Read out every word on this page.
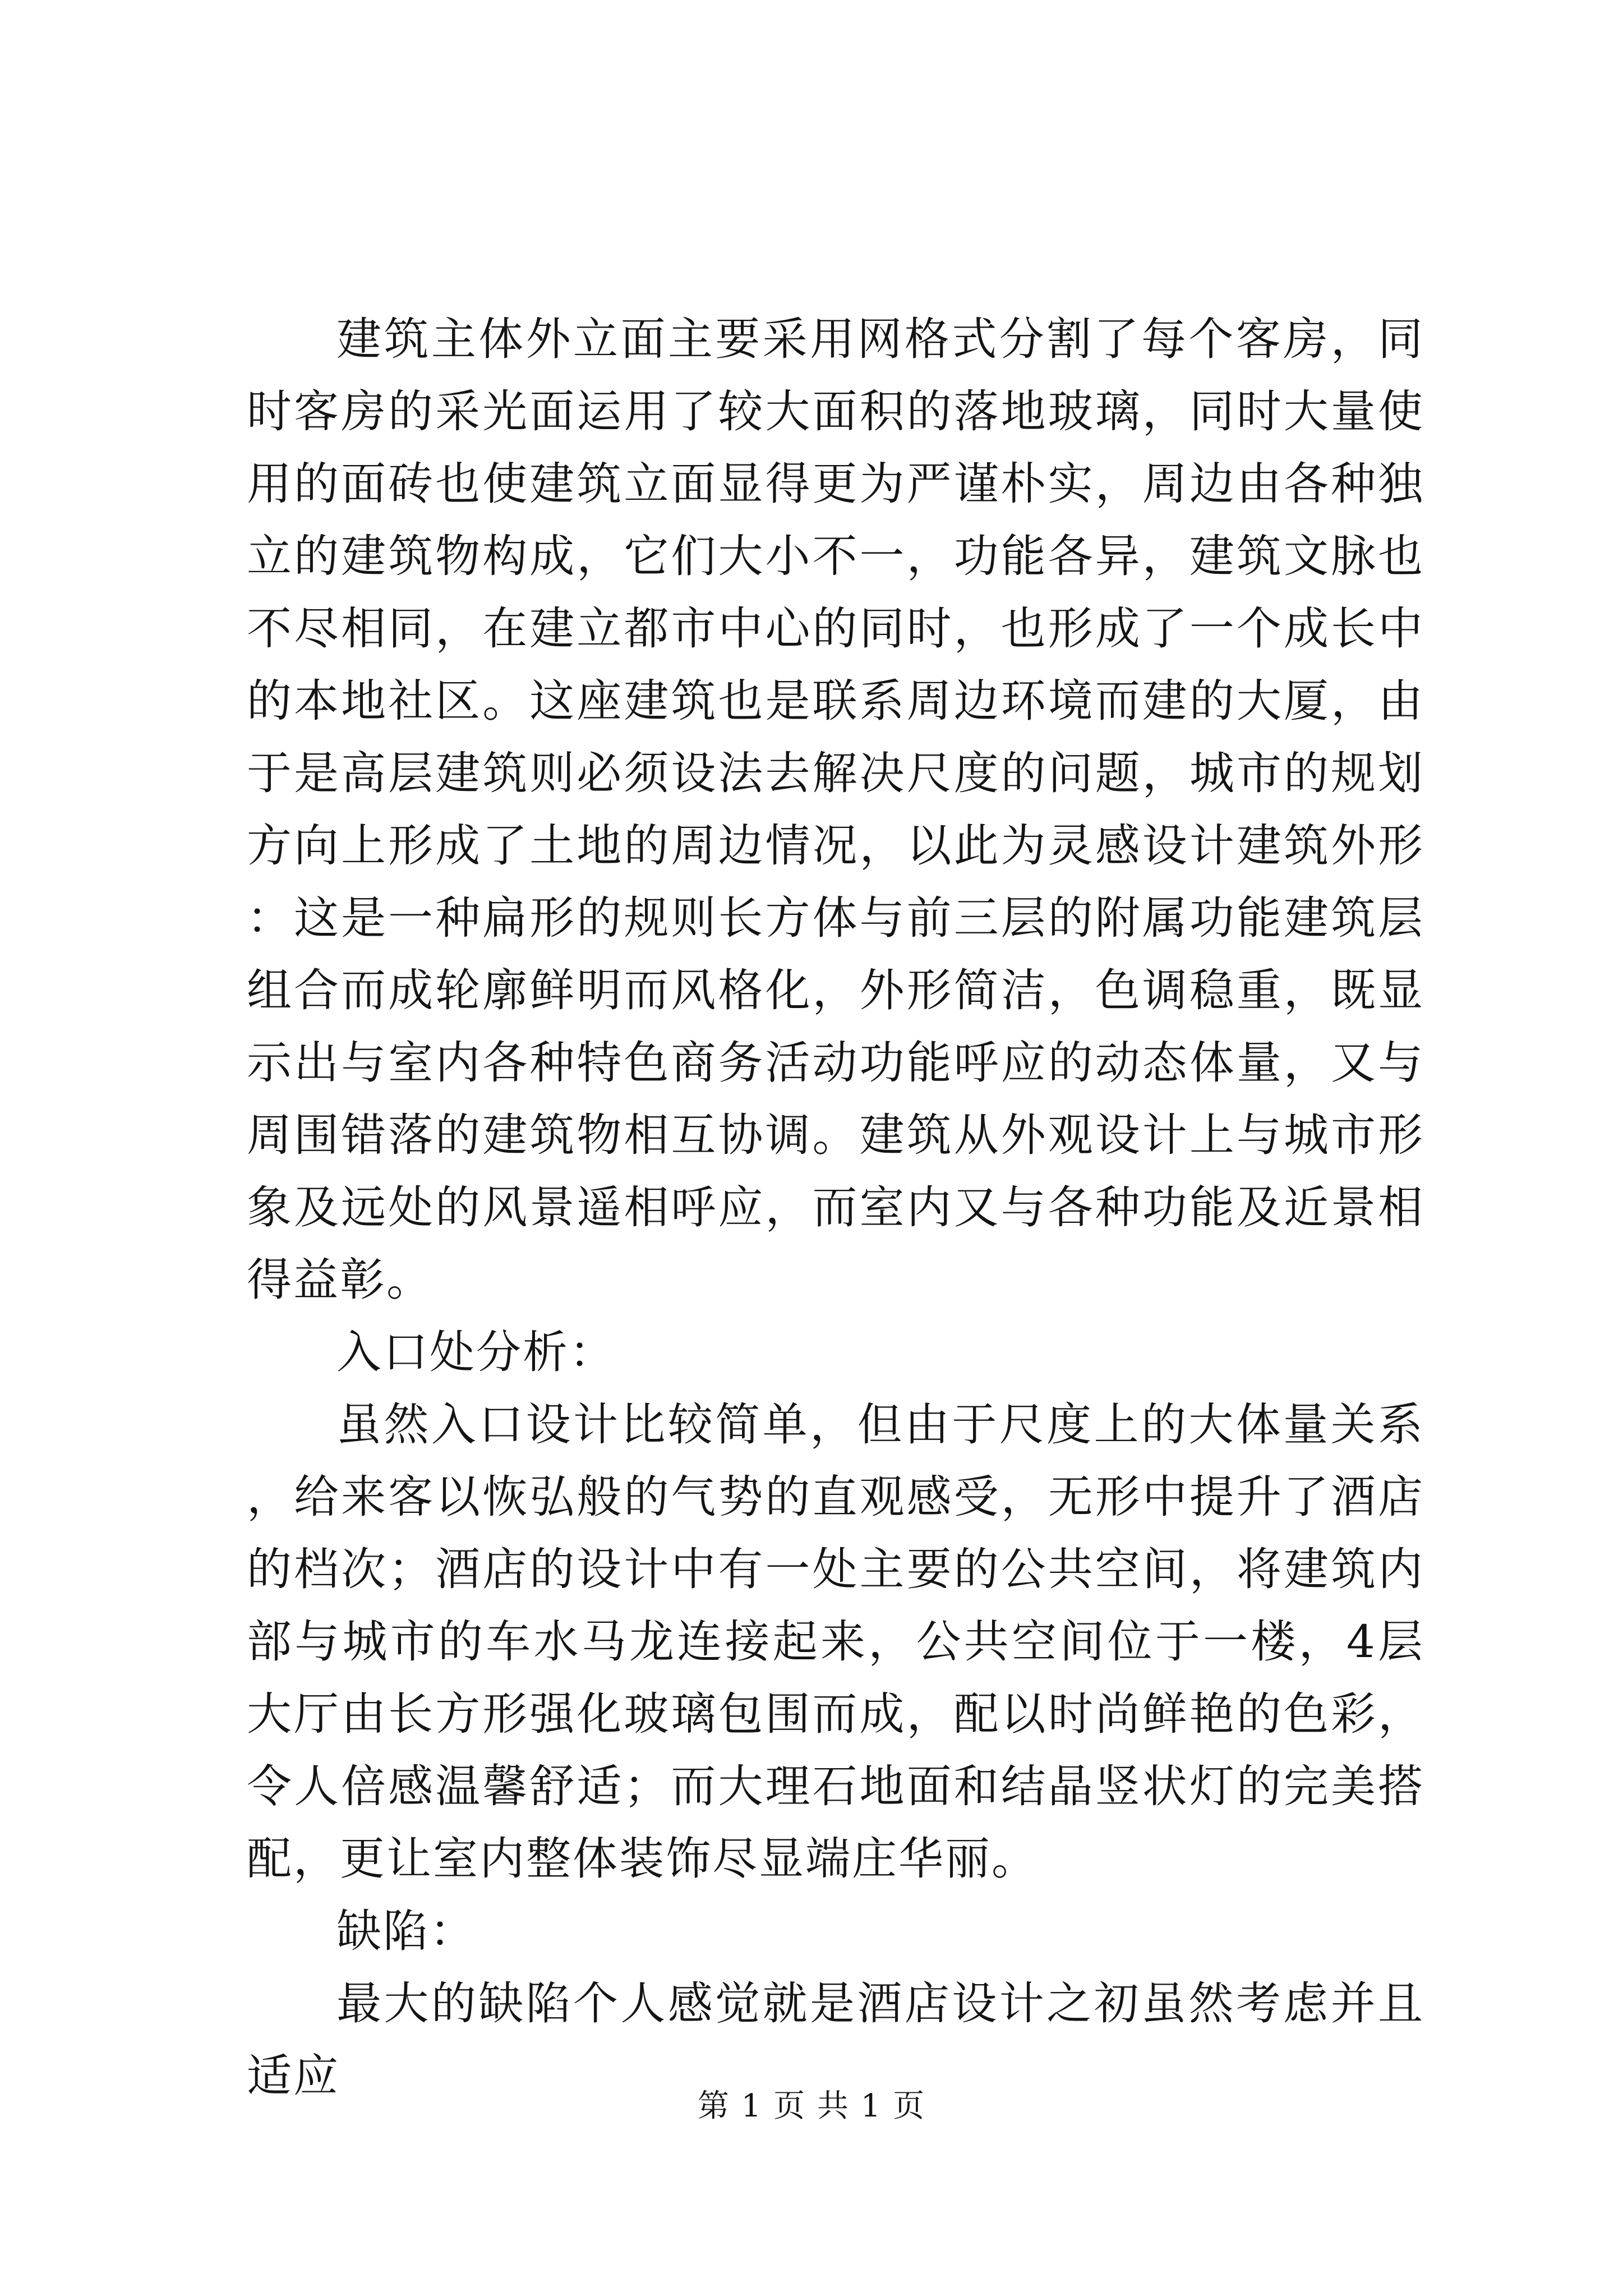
建筑主体外立面主要采用网格式分割了每个客房，同时客房的采光面运用了较大面积的落地玻璃，同时大量使用的面砖也使建筑立面显得更为严谨朴实，周边由各种独立的建筑物构成，它们大小不一，功能各异，建筑文脉也不尽相同，在建立都市中心的同时，也形成了一个成长中的本地社区。这座建筑也是联系周边环境而建的大厦，由于是高层建筑则必须设法去解决尺度的问题，城市的规划方向上形成了土地的周边情况，以此为灵感设计建筑外形：这是一种扁形的规则长方体与前三层的附属功能建筑层组合而成轮廓鲜明而风格化，外形简洁，色调稳重，既显示出与室内各种特色商务活动功能呼应的动态体量，又与周围错落的建筑物相互协调。建筑从外观设计上与城市形象及远处的风景遥相呼应，而室内又与各种功能及近景相得益彰。

入口处分析：

虽然入口设计比较简单，但由于尺度上的大体量关系，给来客以恢弘般的气势的直观感受，无形中提升了酒店的档次；酒店的设计中有一处主要的公共空间，将建筑内部与城市的车水马龙连接起来，公共空间位于一楼，4层大厅由长方形强化玻璃包围而成，配以时尚鲜艳的色彩，令人倍感温馨舒适；而大理石地面和结晶竖状灯的完美搭配，更让室内整体装饰尽显端庄华丽。

缺陷：

最大的缺陷个人感觉就是酒店设计之初虽然考虑并且适应

第 1 页 共 1 页
